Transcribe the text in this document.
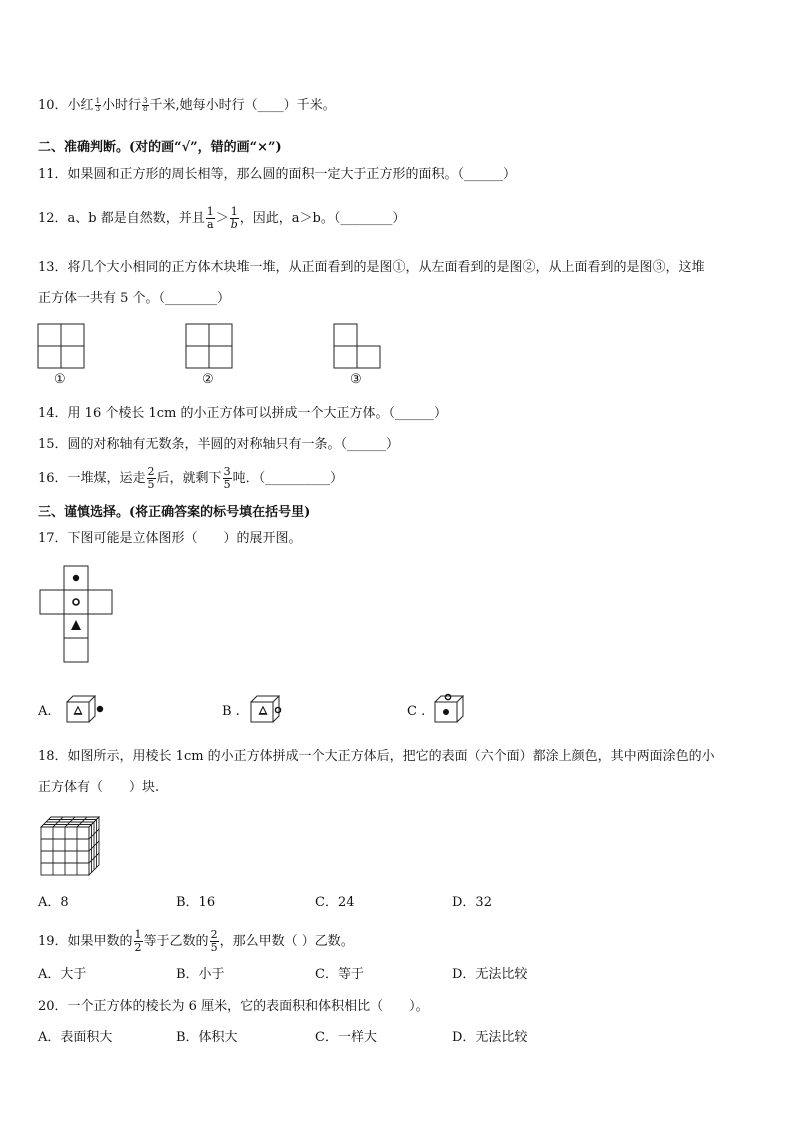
10．小红 $\frac{1}{3}$ 小时行 $\frac{3}{8}$ 千米,她每小时行（____）千米。
二、准确判断。(对的画“√”，错的画“×”)
11．如果圆和正方形的周长相等，那么圆的面积一定大于正方形的面积。（______）
12．a、b 都是自然数，并且 $\frac{1}{a} > \frac{1}{b}$ ，因此，a＞b。（________）
13．将几个大小相同的正方体木块堆一堆，从正面看到的是图①，从左面看到的是图②，从上面看到的是图③，这堆
正方体一共有 5 个。（________）
①	②	③
14．用 16 个棱长 1cm 的小正方体可以拼成一个大正方体。（______）
15．圆的对称轴有无数条，半圆的对称轴只有一条。（______）
16．一堆煤，运走 $\frac{2}{5}$ 后，就剩下 $\frac{3}{5}$ 吨．（__________）
三、谨慎选择。(将正确答案的标号填在括号里)
17．下图可能是立体图形（　　）的展开图。
A.	B .	C .
18．如图所示，用棱长 1cm 的小正方体拼成一个大正方体后，把它的表面（六个面）都涂上颜色，其中两面涂色的小
正方体有（　　）块.
A．8	B．16	C．24	D．32
19．如果甲数的 $\frac{1}{2}$ 等于乙数的 $\frac{2}{5}$ ，那么甲数（ ）乙数。
A．大于	B．小于	C．等于	D．无法比较
20．一个正方体的棱长为 6 厘米，它的表面积和体积相比（　　）。
A．表面积大	B．体积大	C．一样大	D．无法比较
